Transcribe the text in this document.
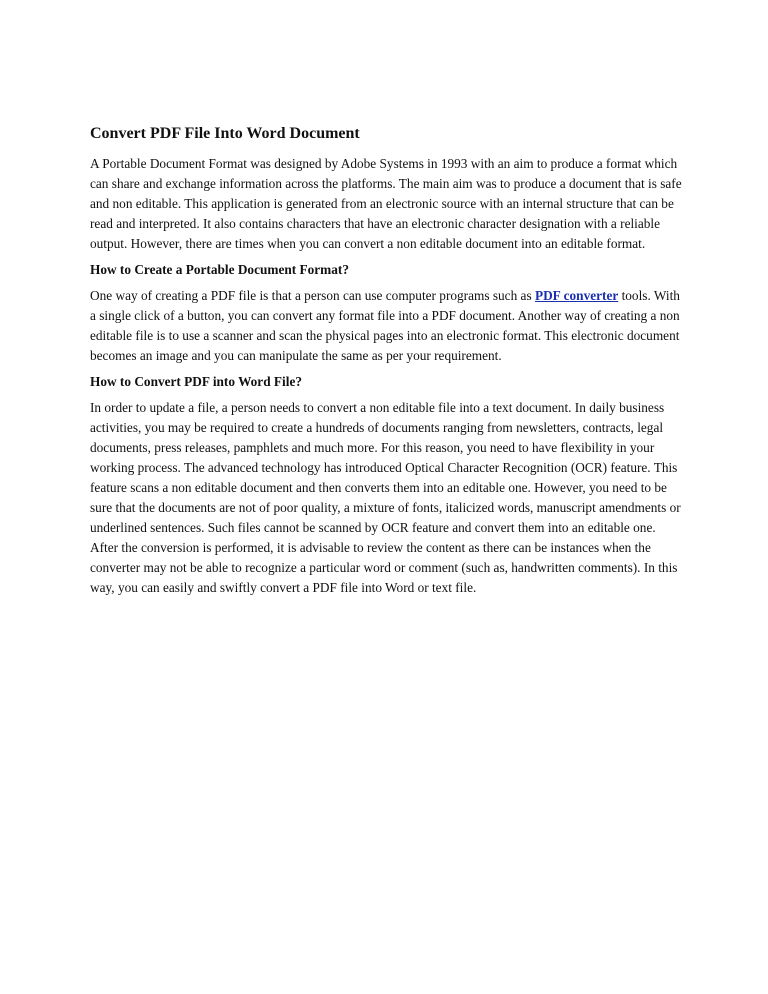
Convert PDF File Into Word Document

A Portable Document Format was designed by Adobe Systems in 1993 with an aim to produce a format which can share and exchange information across the platforms. The main aim was to produce a document that is safe and non editable. This application is generated from an electronic source with an internal structure that can be read and interpreted. It also contains characters that have an electronic character designation with a reliable output. However, there are times when you can convert a non editable document into an editable format.

How to Create a Portable Document Format?

One way of creating a PDF file is that a person can use computer programs such as PDF converter tools. With a single click of a button, you can convert any format file into a PDF document. Another way of creating a non editable file is to use a scanner and scan the physical pages into an electronic format. This electronic document becomes an image and you can manipulate the same as per your requirement.

How to Convert PDF into Word File?

In order to update a file, a person needs to convert a non editable file into a text document. In daily business activities, you may be required to create a hundreds of documents ranging from newsletters, contracts, legal documents, press releases, pamphlets and much more. For this reason, you need to have flexibility in your working process. The advanced technology has introduced Optical Character Recognition (OCR) feature. This feature scans a non editable document and then converts them into an editable one. However, you need to be sure that the documents are not of poor quality, a mixture of fonts, italicized words, manuscript amendments or underlined sentences. Such files cannot be scanned by OCR feature and convert them into an editable one. After the conversion is performed, it is advisable to review the content as there can be instances when the converter may not be able to recognize a particular word or comment (such as, handwritten comments). In this way, you can easily and swiftly convert a PDF file into Word or text file.
